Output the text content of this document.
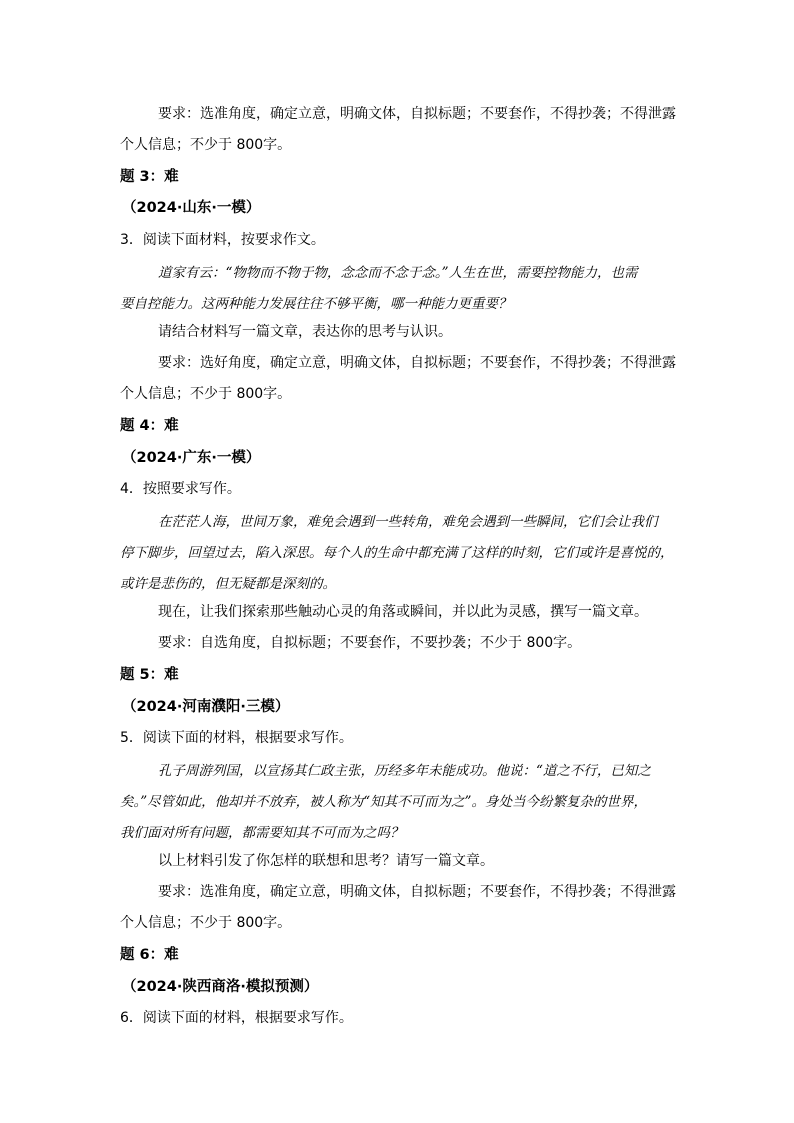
要求：选准角度，确定立意，明确文体，自拟标题；不要套作，不得抄袭；不得泄露

个人信息；不少于 800字。

题 3：难

（2024·山东·一模）

3．阅读下面材料，按要求作文。

道家有云：“物物而不物于物，念念而不念于念。”人生在世，需要控物能力，也需

要自控能力。这两种能力发展往往不够平衡，哪一种能力更重要？

请结合材料写一篇文章，表达你的思考与认识。

要求：选好角度，确定立意，明确文体，自拟标题；不要套作，不得抄袭；不得泄露

个人信息；不少于 800字。

题 4：难

（2024·广东·一模）

4．按照要求写作。

在茫茫人海，世间万象，难免会遇到一些转角，难免会遇到一些瞬间，它们会让我们

停下脚步，回望过去，陷入深思。每个人的生命中都充满了这样的时刻，它们或许是喜悦的，

或许是悲伤的，但无疑都是深刻的。

现在，让我们探索那些触动心灵的角落或瞬间，并以此为灵感，撰写一篇文章。

要求：自选角度，自拟标题；不要套作，不要抄袭；不少于 800字。

题 5：难

（2024·河南濮阳·三模）

5．阅读下面的材料，根据要求写作。

孔子周游列国，以宣扬其仁政主张，历经多年未能成功。他说：“道之不行，已知之

矣。”尽管如此，他却并不放弃，被人称为“知其不可而为之”。身处当今纷繁复杂的世界，

我们面对所有问题，都需要知其不可而为之吗？

以上材料引发了你怎样的联想和思考？请写一篇文章。

要求：选准角度，确定立意，明确文体，自拟标题；不要套作，不得抄袭；不得泄露

个人信息；不少于 800字。

题 6：难

（2024·陕西商洛·模拟预测）

6．阅读下面的材料，根据要求写作。
